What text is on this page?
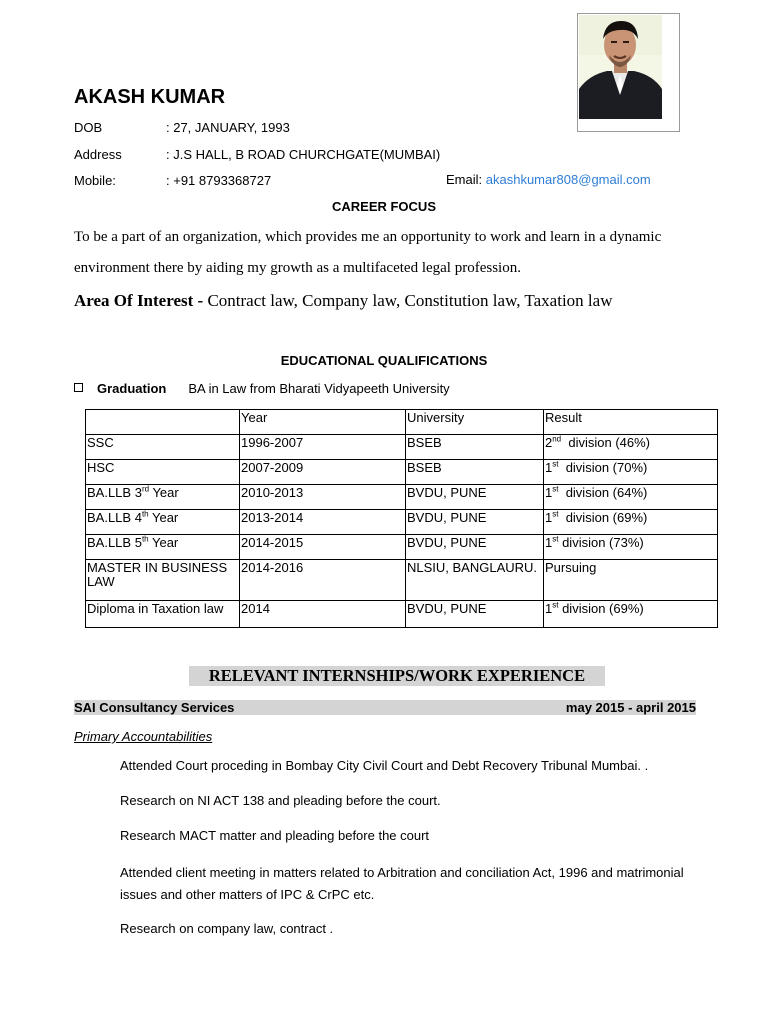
AKASH KUMAR
DOB	: 27, JANUARY, 1993
Address	: J.S HALL, B ROAD CHURCHGATE(MUMBAI)
Mobile:	: +91 8793368727	Email: akashkumar808@gmail.com
CAREER FOCUS
To be a part of an organization, which provides me an opportunity to work and learn in a dynamic
environment there by aiding my growth as a multifaceted legal profession.
Area Of Interest - Contract law, Company law, Constitution law, Taxation law
EDUCATIONAL QUALIFICATIONS
Graduation BA in Law from Bharati Vidyapeeth University
	Year	University	Result
SSC	1996-2007	BSEB	2nd  division (46%)
HSC	2007-2009	BSEB	1st  division (70%)
BA.LLB 3rd Year	2010-2013	BVDU, PUNE	1st  division (64%)
BA.LLB 4th Year	2013-2014	BVDU, PUNE	1st  division (69%)
BA.LLB 5th Year	2014-2015	BVDU, PUNE	1st division (73%)
MASTER IN BUSINESS LAW	2014-2016	NLSIU, BANGLAURU.	Pursuing
Diploma in Taxation law	2014	BVDU, PUNE	1st division (69%)
RELEVANT INTERNSHIPS/WORK EXPERIENCE
SAI Consultancy Services	may 2015 - april 2015
Primary Accountabilities
Attended Court proceding in Bombay City Civil Court and Debt Recovery Tribunal Mumbai. .
Research on NI ACT 138 and pleading before the court.
Research MACT matter and pleading before the court
Attended client meeting in matters related to Arbitration and conciliation Act, 1996 and matrimonial issues and other matters of IPC & CrPC etc.
Research on company law, contract .
